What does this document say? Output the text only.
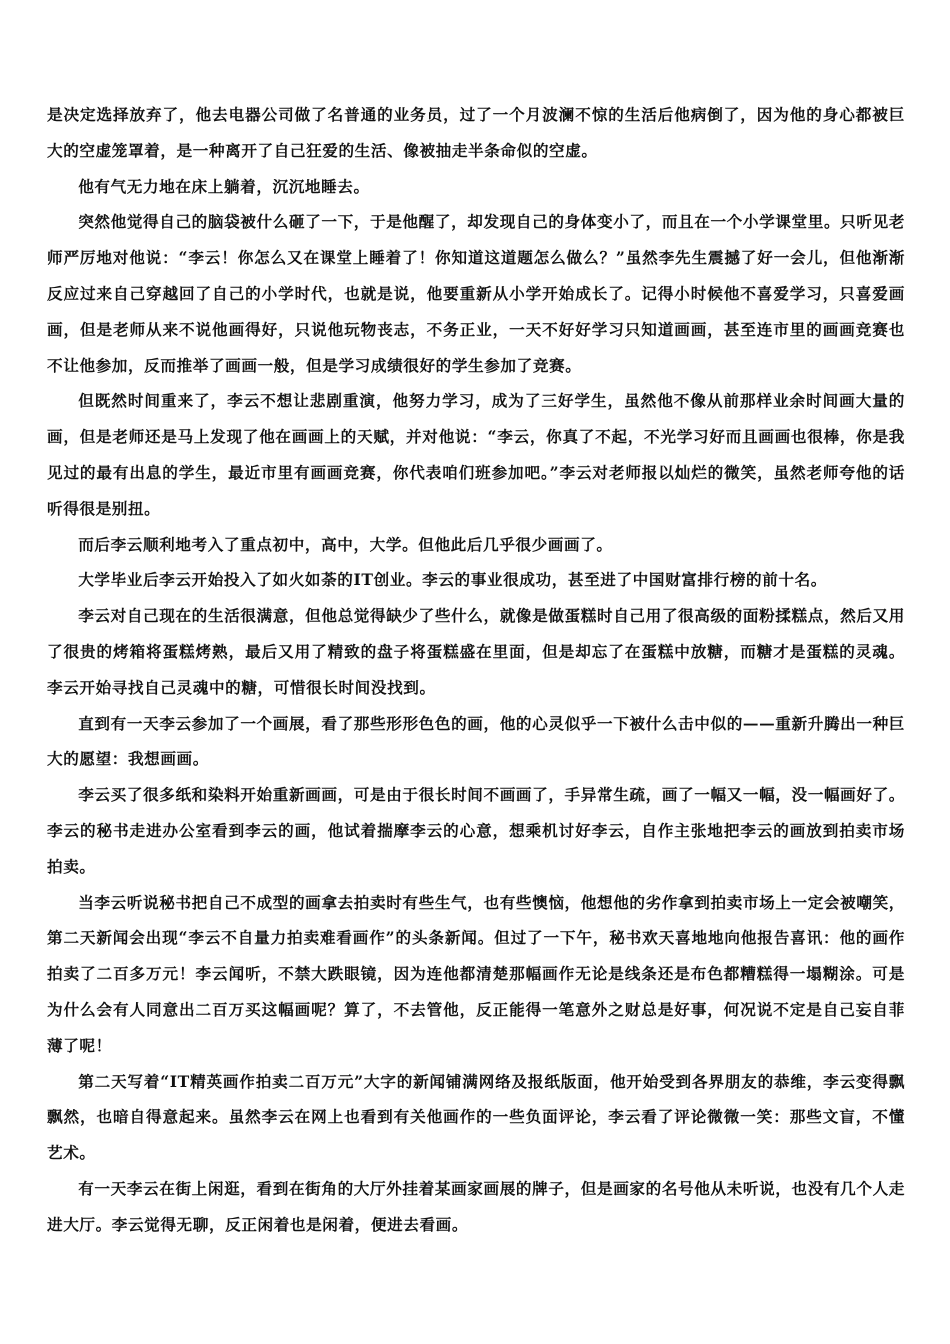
是决定选择放弃了，他去电器公司做了名普通的业务员，过了一个月波澜不惊的生活后他病倒了，因为他的身心都被巨大的空虚笼罩着，是一种离开了自己狂爱的生活、像被抽走半条命似的空虚。

他有气无力地在床上躺着，沉沉地睡去。

突然他觉得自己的脑袋被什么砸了一下，于是他醒了，却发现自己的身体变小了，而且在一个小学课堂里。只听见老师严厉地对他说：“李云！你怎么又在课堂上睡着了！你知道这道题怎么做么？”虽然李先生震撼了好一会儿，但他渐渐反应过来自己穿越回了自己的小学时代，也就是说，他要重新从小学开始成长了。记得小时候他不喜爱学习，只喜爱画画，但是老师从来不说他画得好，只说他玩物丧志，不务正业，一天不好好学习只知道画画，甚至连市里的画画竞赛也不让他参加，反而推举了画画一般，但是学习成绩很好的学生参加了竞赛。

但既然时间重来了，李云不想让悲剧重演，他努力学习，成为了三好学生，虽然他不像从前那样业余时间画大量的画，但是老师还是马上发现了他在画画上的天赋，并对他说：“李云，你真了不起，不光学习好而且画画也很棒，你是我见过的最有出息的学生，最近市里有画画竞赛，你代表咱们班参加吧。”李云对老师报以灿烂的微笑，虽然老师夸他的话听得很是别扭。

而后李云顺利地考入了重点初中，高中，大学。但他此后几乎很少画画了。

大学毕业后李云开始投入了如火如荼的IT创业。李云的事业很成功，甚至进了中国财富排行榜的前十名。

李云对自己现在的生活很满意，但他总觉得缺少了些什么，就像是做蛋糕时自己用了很高级的面粉揉糕点，然后又用了很贵的烤箱将蛋糕烤熟，最后又用了精致的盘子将蛋糕盛在里面，但是却忘了在蛋糕中放糖，而糖才是蛋糕的灵魂。李云开始寻找自己灵魂中的糖，可惜很长时间没找到。

直到有一天李云参加了一个画展，看了那些形形色色的画，他的心灵似乎一下被什么击中似的——重新升腾出一种巨大的愿望：我想画画。

李云买了很多纸和染料开始重新画画，可是由于很长时间不画画了，手异常生疏，画了一幅又一幅，没一幅画好了。李云的秘书走进办公室看到李云的画，他试着揣摩李云的心意，想乘机讨好李云，自作主张地把李云的画放到拍卖市场拍卖。

当李云听说秘书把自己不成型的画拿去拍卖时有些生气，也有些懊恼，他想他的劣作拿到拍卖市场上一定会被嘲笑，第二天新闻会出现“李云不自量力拍卖难看画作”的头条新闻。但过了一下午，秘书欢天喜地地向他报告喜讯：他的画作拍卖了二百多万元！李云闻听，不禁大跌眼镜，因为连他都清楚那幅画作无论是线条还是布色都糟糕得一塌糊涂。可是为什么会有人同意出二百万买这幅画呢？算了，不去管他，反正能得一笔意外之财总是好事，何况说不定是自己妄自菲薄了呢！

第二天写着“IT精英画作拍卖二百万元”大字的新闻铺满网络及报纸版面，他开始受到各界朋友的恭维，李云变得飘飘然，也暗自得意起来。虽然李云在网上也看到有关他画作的一些负面评论，李云看了评论微微一笑：那些文盲，不懂艺术。

有一天李云在街上闲逛，看到在街角的大厅外挂着某画家画展的牌子，但是画家的名号他从未听说，也没有几个人走进大厅。李云觉得无聊，反正闲着也是闲着，便进去看画。
